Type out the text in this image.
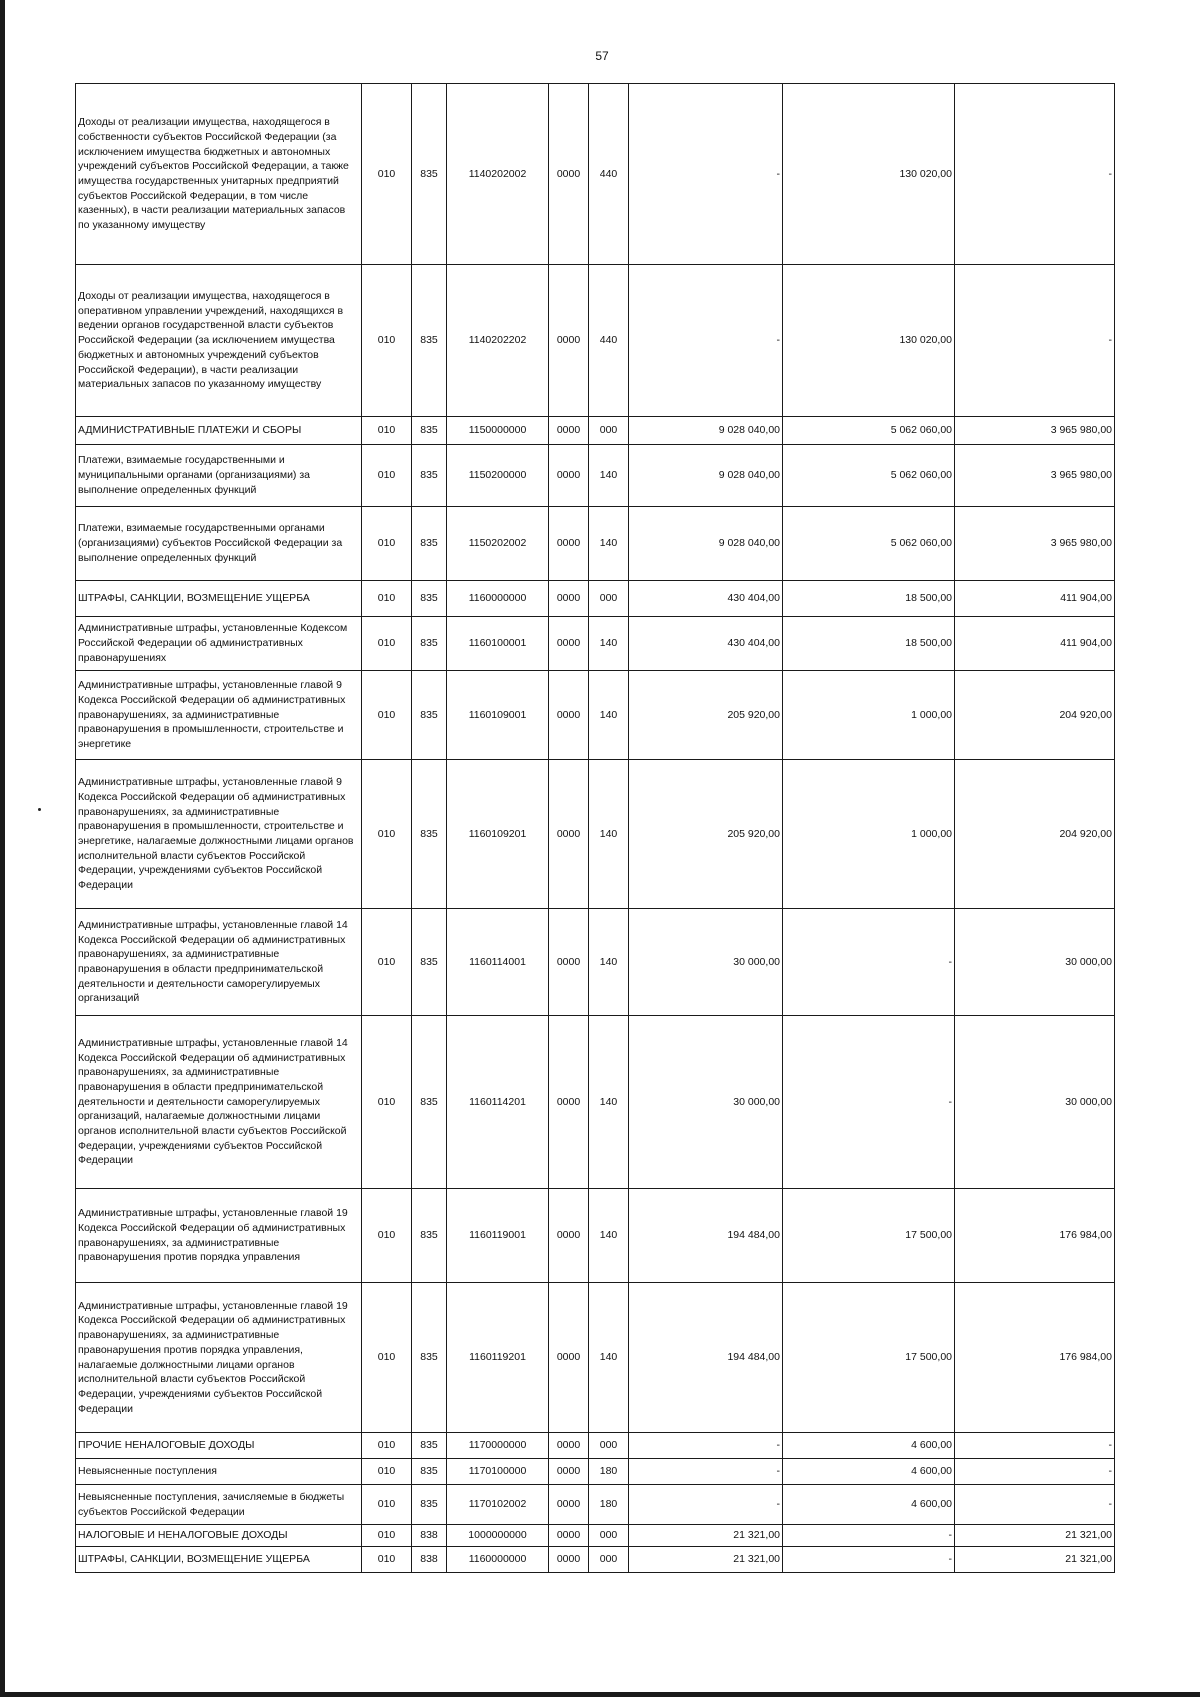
57
Доходы от реализации имущества, находящегося в собственности субъектов Российской Федерации (за исключением имущества бюджетных и автономных учреждений субъектов Российской Федерации, а также имущества государственных унитарных предприятий субъектов Российской Федерации, в том числе казенных), в части реализации материальных запасов по указанному имуществу	010	835	1140202002	0000	440	-	130 020,00	-
Доходы от реализации имущества, находящегося в оперативном управлении учреждений, находящихся в ведении органов государственной власти субъектов Российской Федерации (за исключением имущества бюджетных и автономных учреждений субъектов Российской Федерации), в части реализации материальных запасов по указанному имуществу	010	835	1140202202	0000	440	-	130 020,00	-
АДМИНИСТРАТИВНЫЕ ПЛАТЕЖИ И СБОРЫ	010	835	1150000000	0000	000	9 028 040,00	5 062 060,00	3 965 980,00
Платежи, взимаемые государственными и муниципальными органами (организациями) за выполнение определенных функций	010	835	1150200000	0000	140	9 028 040,00	5 062 060,00	3 965 980,00
Платежи, взимаемые государственными органами (организациями) субъектов Российской Федерации за выполнение определенных функций	010	835	1150202002	0000	140	9 028 040,00	5 062 060,00	3 965 980,00
ШТРАФЫ, САНКЦИИ, ВОЗМЕЩЕНИЕ УЩЕРБА	010	835	1160000000	0000	000	430 404,00	18 500,00	411 904,00
Административные штрафы, установленные Кодексом Российской Федерации об административных правонарушениях	010	835	1160100001	0000	140	430 404,00	18 500,00	411 904,00
Административные штрафы, установленные главой 9 Кодекса Российской Федерации об административных правонарушениях, за административные правонарушения в промышленности, строительстве и энергетике	010	835	1160109001	0000	140	205 920,00	1 000,00	204 920,00
Административные штрафы, установленные главой 9 Кодекса Российской Федерации об административных правонарушениях, за административные правонарушения в промышленности, строительстве и энергетике, налагаемые должностными лицами органов исполнительной власти субъектов Российской Федерации, учреждениями субъектов Российской Федерации	010	835	1160109201	0000	140	205 920,00	1 000,00	204 920,00
Административные штрафы, установленные главой 14 Кодекса Российской Федерации об административных правонарушениях, за административные правонарушения в области предпринимательской деятельности и деятельности саморегулируемых организаций	010	835	1160114001	0000	140	30 000,00	-	30 000,00
Административные штрафы, установленные главой 14 Кодекса Российской Федерации об административных правонарушениях, за административные правонарушения в области предпринимательской деятельности и деятельности саморегулируемых организаций, налагаемые должностными лицами органов исполнительной власти субъектов Российской Федерации, учреждениями субъектов Российской Федерации	010	835	1160114201	0000	140	30 000,00	-	30 000,00
Административные штрафы, установленные главой 19 Кодекса Российской Федерации об административных правонарушениях, за административные правонарушения против порядка управления	010	835	1160119001	0000	140	194 484,00	17 500,00	176 984,00
Административные штрафы, установленные главой 19 Кодекса Российской Федерации об административных правонарушениях, за административные правонарушения против порядка управления, налагаемые должностными лицами органов исполнительной власти субъектов Российской Федерации, учреждениями субъектов Российской Федерации	010	835	1160119201	0000	140	194 484,00	17 500,00	176 984,00
ПРОЧИЕ НЕНАЛОГОВЫЕ ДОХОДЫ	010	835	1170000000	0000	000	-	4 600,00	-
Невыясненные поступления	010	835	1170100000	0000	180	-	4 600,00	-
Невыясненные поступления, зачисляемые в бюджеты субъектов Российской Федерации	010	835	1170102002	0000	180	-	4 600,00	-
НАЛОГОВЫЕ И НЕНАЛОГОВЫЕ ДОХОДЫ	010	838	1000000000	0000	000	21 321,00	-	21 321,00
ШТРАФЫ, САНКЦИИ, ВОЗМЕЩЕНИЕ УЩЕРБА	010	838	1160000000	0000	000	21 321,00	-	21 321,00
